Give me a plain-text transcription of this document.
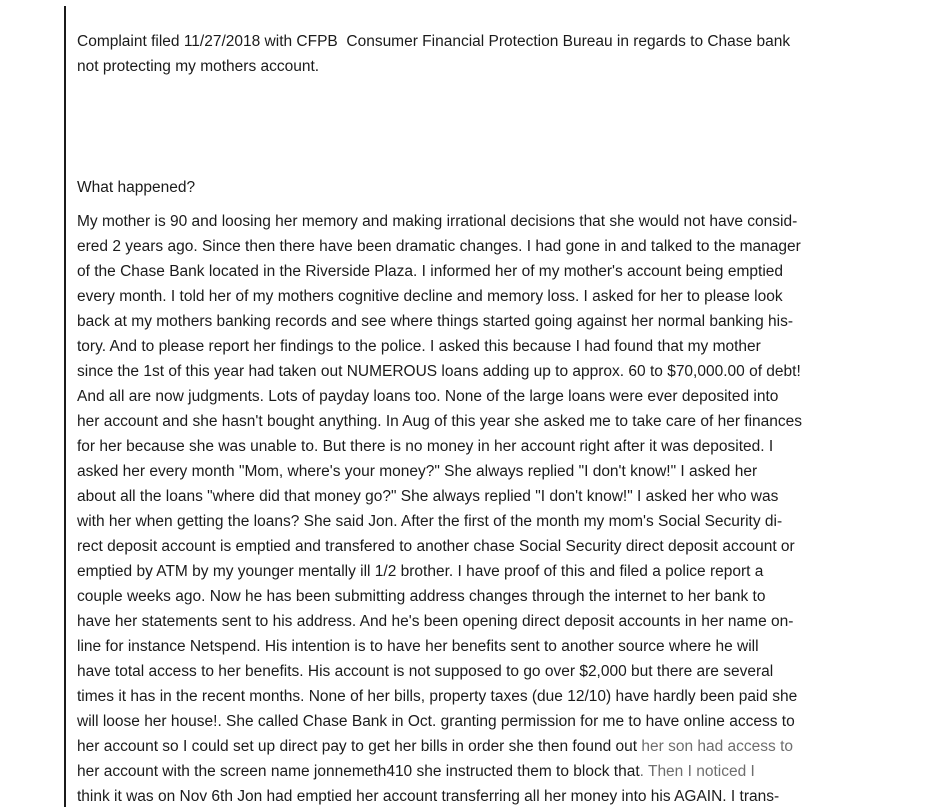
Complaint filed 11/27/2018 with CFPB  Consumer Financial Protection Bureau in regards to Chase bank
not protecting my mothers account.
What happened?
My mother is 90 and loosing her memory and making irrational decisions that she would not have consid-
ered 2 years ago. Since then there have been dramatic changes. I had gone in and talked to the manager
of the Chase Bank located in the Riverside Plaza. I informed her of my mother's account being emptied
every month. I told her of my mothers cognitive decline and memory loss. I asked for her to please look
back at my mothers banking records and see where things started going against her normal banking his-
tory. And to please report her findings to the police. I asked this because I had found that my mother
since the 1st of this year had taken out NUMEROUS loans adding up to approx. 60 to $70,000.00 of debt!
And all are now judgments. Lots of payday loans too. None of the large loans were ever deposited into
her account and she hasn't bought anything. In Aug of this year she asked me to take care of her finances
for her because she was unable to. But there is no money in her account right after it was deposited. I
asked her every month "Mom, where's your money?" She always replied "I don't know!" I asked her
about all the loans "where did that money go?" She always replied "I don't know!" I asked her who was
with her when getting the loans? She said Jon. After the first of the month my mom's Social Security di-
rect deposit account is emptied and transfered to another chase Social Security direct deposit account or
emptied by ATM by my younger mentally ill 1/2 brother. I have proof of this and filed a police report a
couple weeks ago. Now he has been submitting address changes through the internet to her bank to
have her statements sent to his address. And he's been opening direct deposit accounts in her name on-
line for instance Netspend. His intention is to have her benefits sent to another source where he will
have total access to her benefits. His account is not supposed to go over $2,000 but there are several
times it has in the recent months. None of her bills, property taxes (due 12/10) have hardly been paid she
will loose her house!. She called Chase Bank in Oct. granting permission for me to have online access to
her account so I could set up direct pay to get her bills in order she then found out her son had access to
her account with the screen name jonnemeth410 she instructed them to block that. Then I noticed I
think it was on Nov 6th Jon had emptied her account transferring all her money into his AGAIN. I trans-
